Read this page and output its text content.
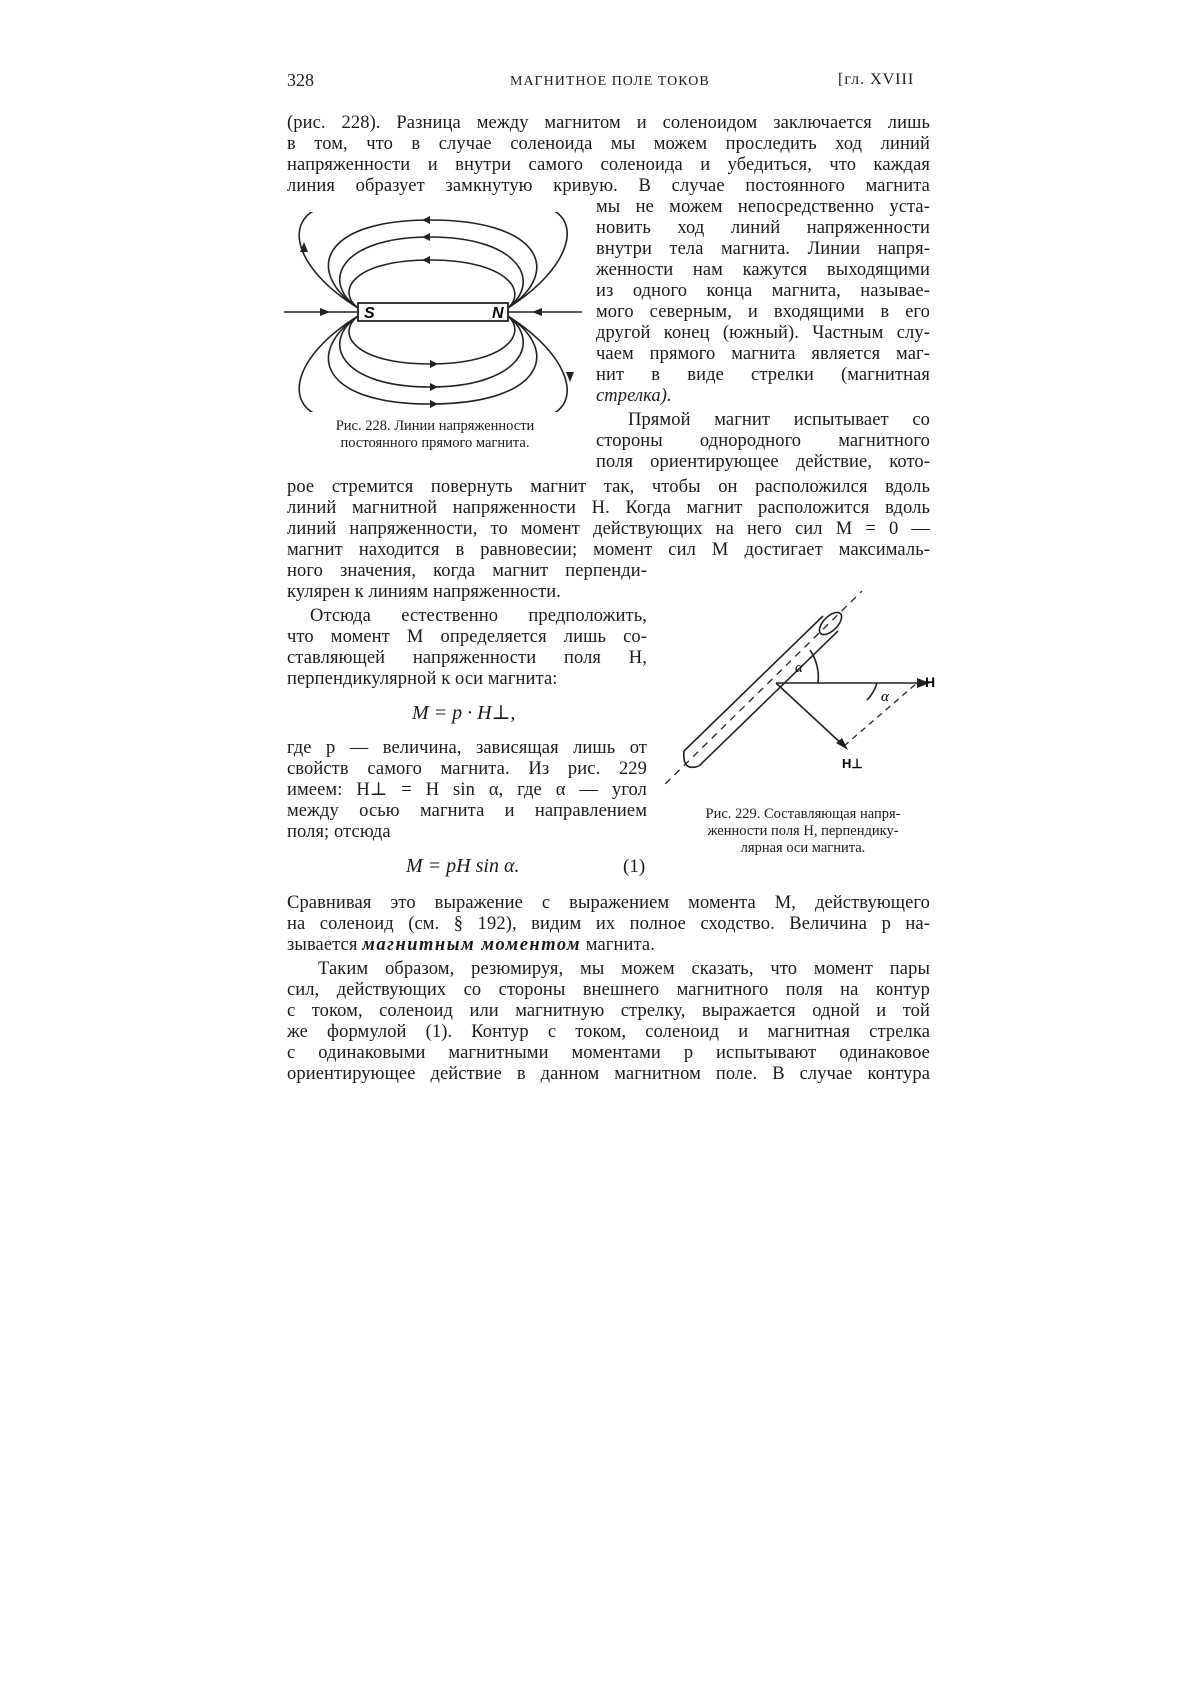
328	МАГНИТНОЕ ПОЛЕ ТОКОВ	[гл. XVIII
(рис. 228). Разница между магнитом и соленоидом заключается лишь
в том, что в случае соленоида мы можем проследить ход линий
напряженности и внутри самого соленоида и убедиться, что каждая
линия образует замкнутую кривую. В случае постоянного магнита
мы не можем непосредственно уста-
новить ход линий напряженности
внутри тела магнита. Линии напря-
женности нам кажутся выходящими
из одного конца магнита, называе-
мого северным, и входящими в его
другой конец (южный). Частным слу-
чаем прямого магнита является маг-
нит в виде стрелки (магнитная
стрелка).
Прямой магнит испытывает со
стороны однородного магнитного
поля ориентирующее действие, кото-
S	N
Рис. 228. Линии напряженности
постоянного прямого магнита.
рое стремится повернуть магнит так, чтобы он расположился вдоль
линий магнитной напряженности H. Когда магнит расположится вдоль
линий напряженности, то момент действующих на него сил M = 0 —
магнит находится в равновесии; момент сил M достигает максималь-
ного значения, когда магнит перпенди-
кулярен к линиям напряженности.
Отсюда естественно предположить,
что момент M определяется лишь со-
ставляющей напряженности поля H,
перпендикулярной к оси магнита:
M = p · H⊥,
где p — величина, зависящая лишь от
свойств самого магнита. Из рис. 229
имеем: H⊥ = H sin α, где α — угол
между осью магнита и направлением
поля; отсюда
M = pH sin α.	(1)
α
α
H
H⊥
Рис. 229. Составляющая напря-
женности поля H, перпендику-
лярная оси магнита.
Сравнивая это выражение с выражением момента M, действующего
на соленоид (см. § 192), видим их полное сходство. Величина p на-
зывается магнитным моментом магнита.
Таким образом, резюмируя, мы можем сказать, что момент пары
сил, действующих со стороны внешнего магнитного поля на контур
с током, соленоид или магнитную стрелку, выражается одной и той
же формулой (1). Контур с током, соленоид и магнитная стрелка
с одинаковыми магнитными моментами p испытывают одинаковое
ориентирующее действие в данном магнитном поле. В случае контура
